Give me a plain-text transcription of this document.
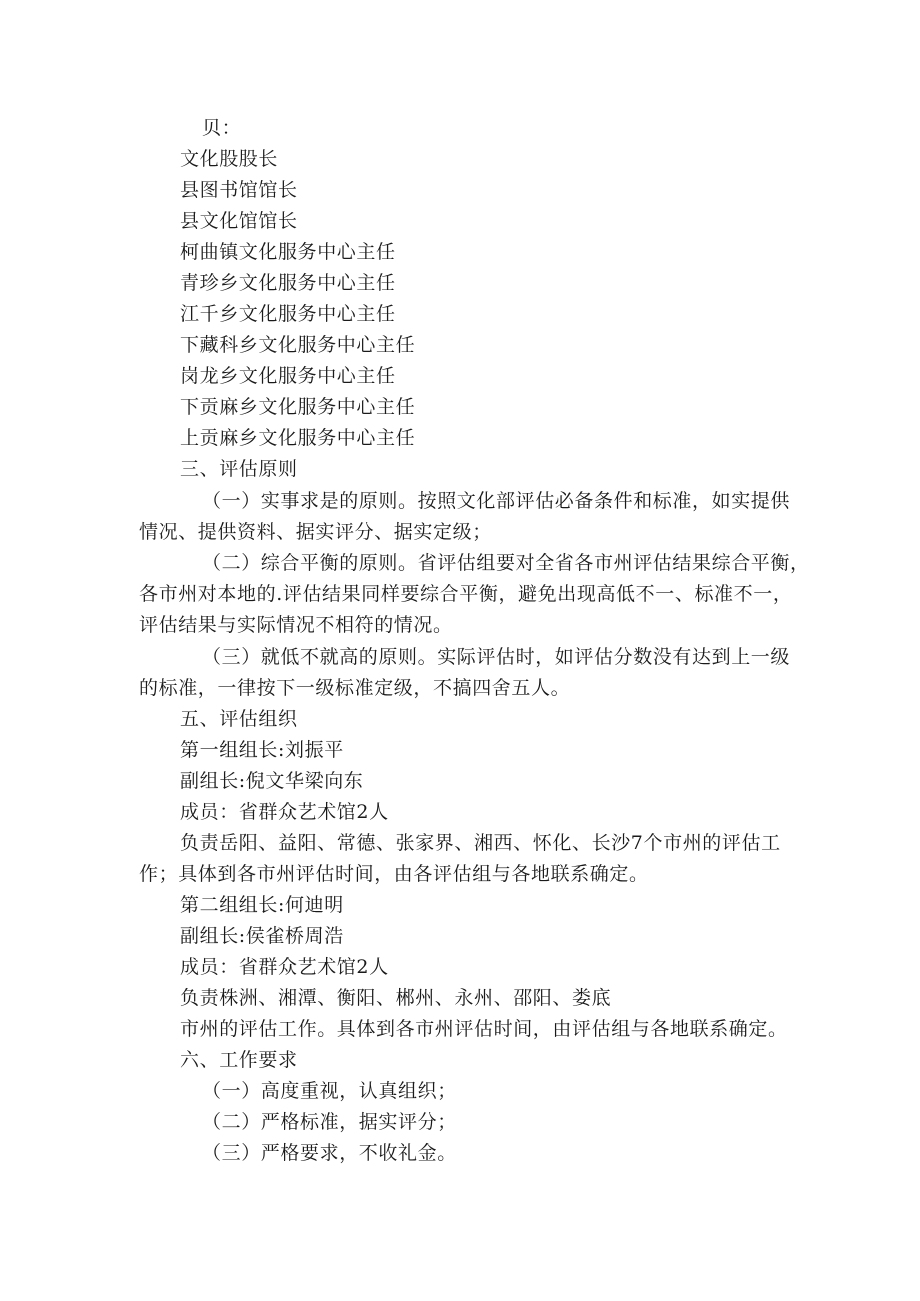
贝：
文化股股长
县图书馆馆长
县文化馆馆长
柯曲镇文化服务中心主任
青珍乡文化服务中心主任
江千乡文化服务中心主任
下藏科乡文化服务中心主任
岗龙乡文化服务中心主任
下贡麻乡文化服务中心主任
上贡麻乡文化服务中心主任
三、评估原则
（一）实事求是的原则。按照文化部评估必备条件和标准，如实提供
情况、提供资料、据实评分、据实定级；
（二）综合平衡的原则。省评估组要对全省各市州评估结果综合平衡，
各市州对本地的.评估结果同样要综合平衡，避免出现高低不一、标准不一，
评估结果与实际情况不相符的情况。
（三）就低不就高的原则。实际评估时，如评估分数没有达到上一级
的标准，一律按下一级标准定级，不搞四舍五人。
五、评估组织
第一组组长:刘振平
副组长:倪文华梁向东
成员：省群众艺术馆2人
负责岳阳、益阳、常德、张家界、湘西、怀化、长沙7个市州的评估工
作；具体到各市州评估时间，由各评估组与各地联系确定。
第二组组长:何迪明
副组长:侯雀桥周浩
成员：省群众艺术馆2人
负责株洲、湘潭、衡阳、郴州、永州、邵阳、娄底
市州的评估工作。具体到各市州评估时间，由评估组与各地联系确定。
六、工作要求
（一）高度重视，认真组织；
（二）严格标准，据实评分；
（三）严格要求，不收礼金。
